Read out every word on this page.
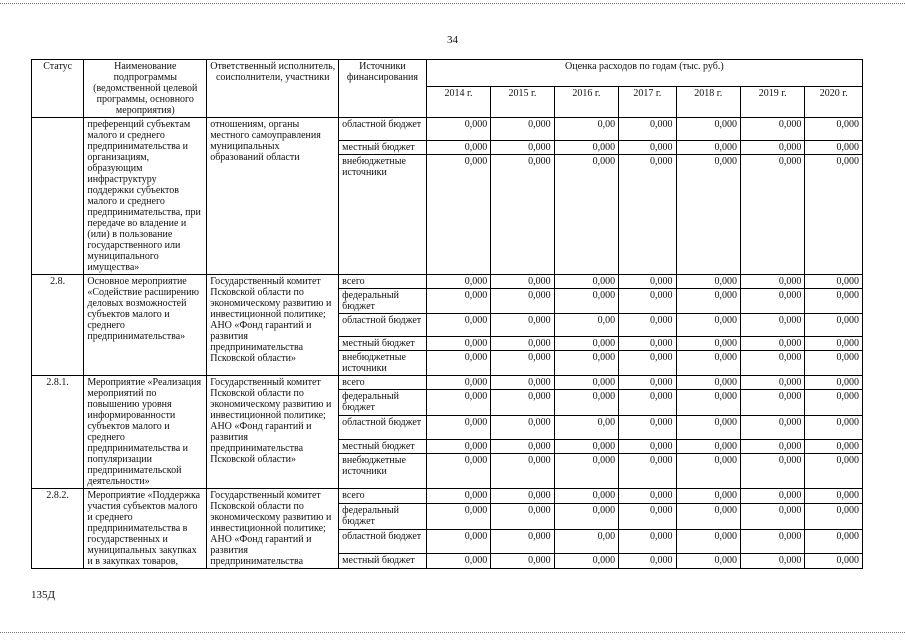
34
Статус	Наименование подпрограммы (ведомственной целевой программы, основного мероприятия)	Ответственный исполнитель, соисполнители, участники	Источники финансирования	Оценка расходов по годам (тыс. руб.)						
				2014 г.	2015 г.	2016 г.	2017 г.	2018 г.	2019 г.	2020 г.
	преференций субъектам малого и среднего предпринимательства и организациям, образующим инфраструктуру поддержки субъектов малого и среднего предпринимательства, при передаче во владение и (или) в пользование государственного или муниципального имущества»	отношениям, органы местного самоуправления муниципальных образований области	областной бюджет	0,000	0,000	0,00	0,000	0,000	0,000	0,000
			местный бюджет	0,000	0,000	0,000	0,000	0,000	0,000	0,000
			внебюджетные источники	0,000	0,000	0,000	0,000	0,000	0,000	0,000
2.8.	Основное мероприятие «Содействие расширению деловых возможностей субъектов малого и среднего предпринимательства»	Государственный комитет Псковской области по экономическому развитию и инвестиционной политике; АНО «Фонд гарантий и развития предпринимательства Псковской области»	всего	0,000	0,000	0,000	0,000	0,000	0,000	0,000
			федеральный бюджет	0,000	0,000	0,000	0,000	0,000	0,000	0,000
			областной бюджет	0,000	0,000	0,00	0,000	0,000	0,000	0,000
			местный бюджет	0,000	0,000	0,000	0,000	0,000	0,000	0,000
			внебюджетные источники	0,000	0,000	0,000	0,000	0,000	0,000	0,000
2.8.1.	Мероприятие «Реализация мероприятий по повышению уровня информированности субъектов малого и среднего предпринимательства и популяризации предпринимательской деятельности»	Государственный комитет Псковской области по экономическому развитию и инвестиционной политике; АНО «Фонд гарантий и развития предпринимательства Псковской области»	всего	0,000	0,000	0,000	0,000	0,000	0,000	0,000
			федеральный бюджет	0,000	0,000	0,000	0,000	0,000	0,000	0,000
			областной бюджет	0,000	0,000	0,00	0,000	0,000	0,000	0,000
			местный бюджет	0,000	0,000	0,000	0,000	0,000	0,000	0,000
			внебюджетные источники	0,000	0,000	0,000	0,000	0,000	0,000	0,000
2.8.2.	Мероприятие «Поддержка участия субъектов малого и среднего предпринимательства в государственных и муниципальных закупках и в закупках товаров,	Государственный комитет Псковской области по экономическому развитию и инвестиционной политике; АНО «Фонд гарантий и развития предпринимательства	всего	0,000	0,000	0,000	0,000	0,000	0,000	0,000
			федеральный бюджет	0,000	0,000	0,000	0,000	0,000	0,000	0,000
			областной бюджет	0,000	0,000	0,00	0,000	0,000	0,000	0,000
			местный бюджет	0,000	0,000	0,000	0,000	0,000	0,000	0,000
135Д
